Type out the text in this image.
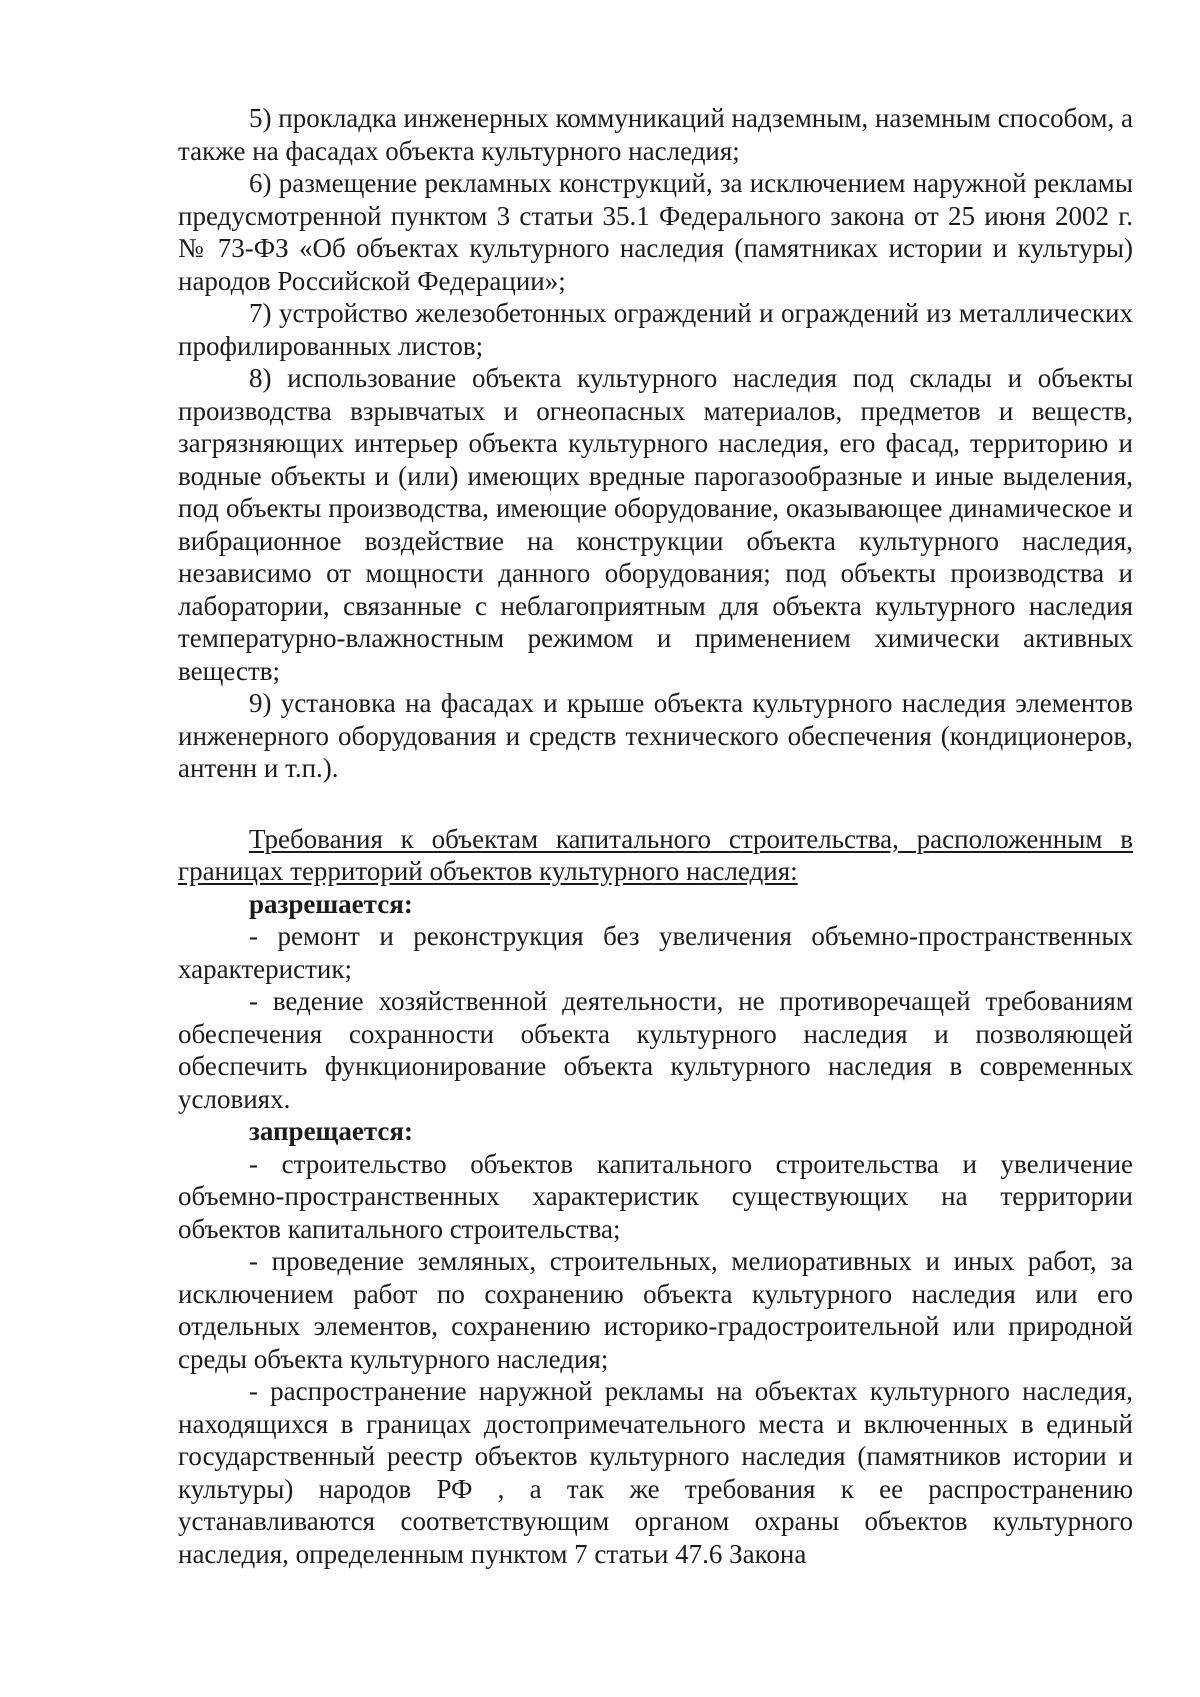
5) прокладка инженерных коммуникаций надземным, наземным способом, а также на фасадах объекта культурного наследия;

6) размещение рекламных конструкций, за исключением наружной рекламы предусмотренной пунктом 3 статьи 35.1 Федерального закона от 25 июня 2002 г. № 73-ФЗ «Об объектах культурного наследия (памятниках истории и культуры) народов Российской Федерации»;

7) устройство железобетонных ограждений и ограждений из металлических профилированных листов;

8) использование объекта культурного наследия под склады и объекты производства взрывчатых и огнеопасных материалов, предметов и веществ, загрязняющих интерьер объекта культурного наследия, его фасад, территорию и водные объекты и (или) имеющих вредные парогазообразные и иные выделения, под объекты производства, имеющие оборудование, оказывающее динамическое и вибрационное воздействие на конструкции объекта культурного наследия, независимо от мощности данного оборудования; под объекты производства и лаборатории, связанные с неблагоприятным для объекта культурного наследия температурно-влажностным режимом и применением химически активных веществ;

9) установка на фасадах и крыше объекта культурного наследия элементов инженерного оборудования и средств технического обеспечения (кондиционеров, антенн и т.п.).

Требования к объектам капитального строительства, расположенным в границах территорий объектов культурного наследия:

разрешается:

- ремонт и реконструкция без увеличения объемно-пространственных характеристик;

- ведение хозяйственной деятельности, не противоречащей требованиям обеспечения сохранности объекта культурного наследия и позволяющей обеспечить функционирование объекта культурного наследия в современных условиях.

запрещается:

- строительство объектов капитального строительства и увеличение объемно-пространственных характеристик существующих на территории объектов капитального строительства;

- проведение земляных, строительных, мелиоративных и иных работ, за исключением работ по сохранению объекта культурного наследия или его отдельных элементов, сохранению историко-градостроительной или природной среды объекта культурного наследия;

- распространение наружной рекламы на объектах культурного наследия, находящихся в границах достопримечательного места и включенных в единый государственный реестр объектов культурного наследия (памятников истории и культуры) народов РФ , а так же требования к ее распространению устанавливаются соответствующим органом охраны объектов культурного наследия, определенным пунктом 7 статьи 47.6 Закона
